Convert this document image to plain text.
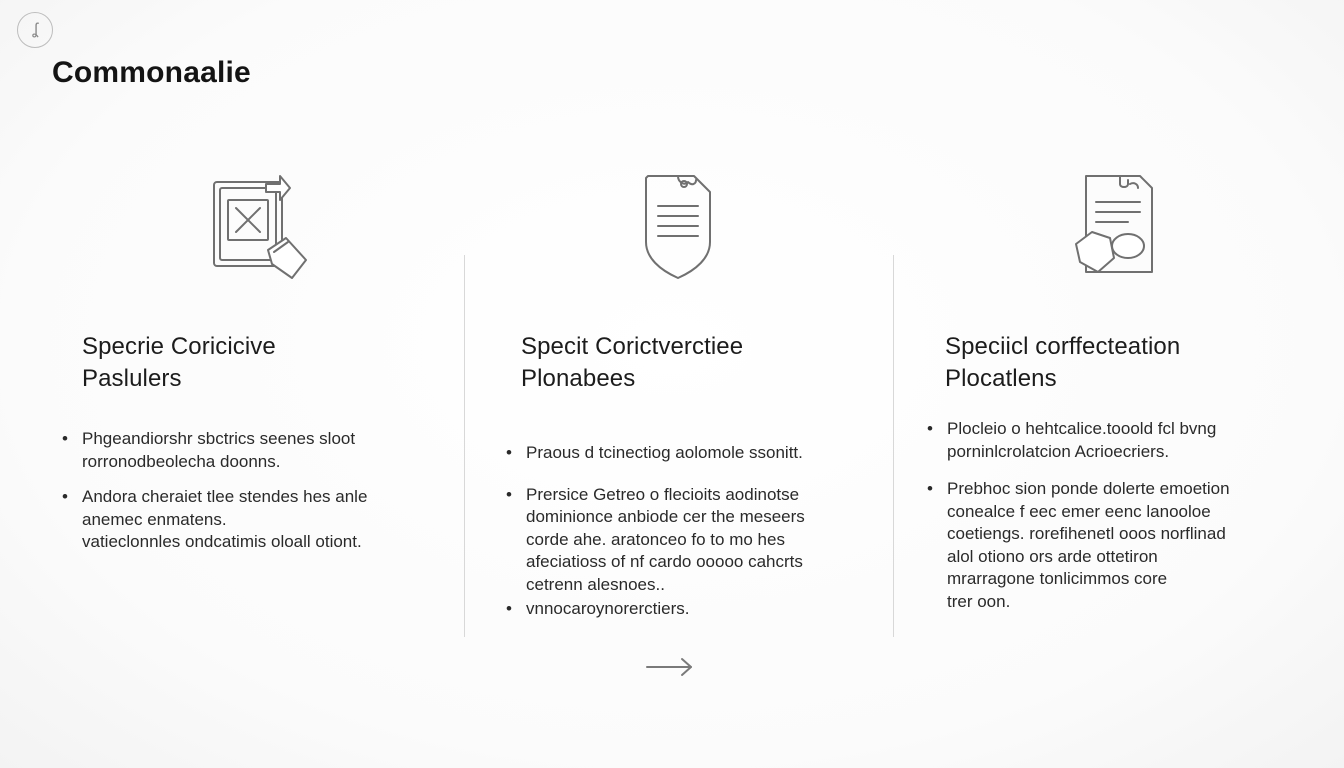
ʆ
Commonaalie
Specrie Coricicive
Paslulers
• Phgeandiorshr sbctrics seenes sloot
rorronodbeolecha doonns.
• Andora cheraiet tlee stendes hes anle
anemec enmatens.
vatieclonnles ondcatimis oloall otiont.
Specit Corictverctiee
Plonabees
• Praous d tcinectiog aolomole ssonitt.
• Prersice Getreo o flecioits aodinotse
dominionce anbiode cer the meseers
corde ahe. aratonceo fo to mo hes
afeciatioss of nf cardo ooooo cahcrts
cetrenn alesnoes..
• vnnocaroynorerctiers.
Speciicl corffecteation
Plocatlens
• Plocleio o hehtcalice.tooold fcl bvng
porninlcrolatcion Acrioecriers.
• Prebhoc sion ponde dolerte emoetion
conealce f eec emer eenc lanooloe
coetiengs. rorefihenetl ooos norflinad
alol otiono ors arde ottetiron
mrarragone tonlicimmos core
trer oon.
